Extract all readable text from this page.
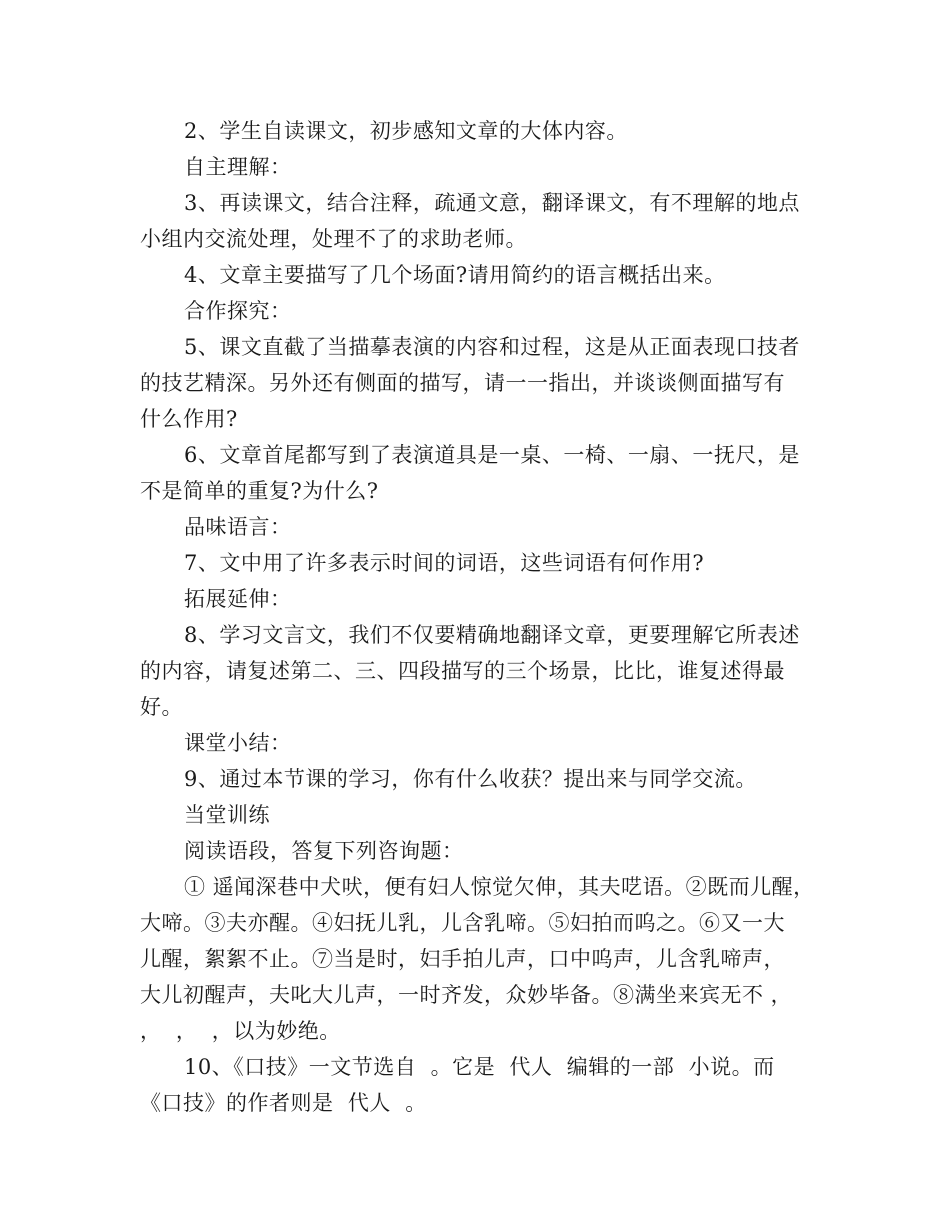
2、学生自读课文，初步感知文章的大体内容。
自主理解：
3、再读课文，结合注释，疏通文意，翻译课文，有不理解的地点
小组内交流处理，处理不了的求助老师。
4、文章主要描写了几个场面?请用简约的语言概括出来。
合作探究：
5、课文直截了当描摹表演的内容和过程，这是从正面表现口技者
的技艺精深。另外还有侧面的描写，请一一指出，并谈谈侧面描写有
什么作用?
6、文章首尾都写到了表演道具是一桌、一椅、一扇、一抚尺，是
不是简单的重复?为什么?
品味语言：
7、文中用了许多表示时间的词语，这些词语有何作用?
拓展延伸：
8、学习文言文，我们不仅要精确地翻译文章，更要理解它所表述
的内容，请复述第二、三、四段描写的三个场景，比比，谁复述得最
好。
课堂小结：
9、通过本节课的学习，你有什么收获？提出来与同学交流。
当堂训练
阅读语段，答复下列咨询题：
① 遥闻深巷中犬吠，便有妇人惊觉欠伸，其夫呓语。②既而儿醒，
大啼。③夫亦醒。④妇抚儿乳，儿含乳啼。⑤妇拍而呜之。⑥又一大
儿醒，絮絮不止。⑦当是时，妇手拍儿声，口中呜声，儿含乳啼声，
大儿初醒声，夫叱大儿声，一时齐发，众妙毕备。⑧满坐来宾无不 ，
，  ，  ，以为妙绝。
10、《口技》一文节选自  。它是  代人  编辑的一部  小说。而
《口技》的作者则是  代人  。
